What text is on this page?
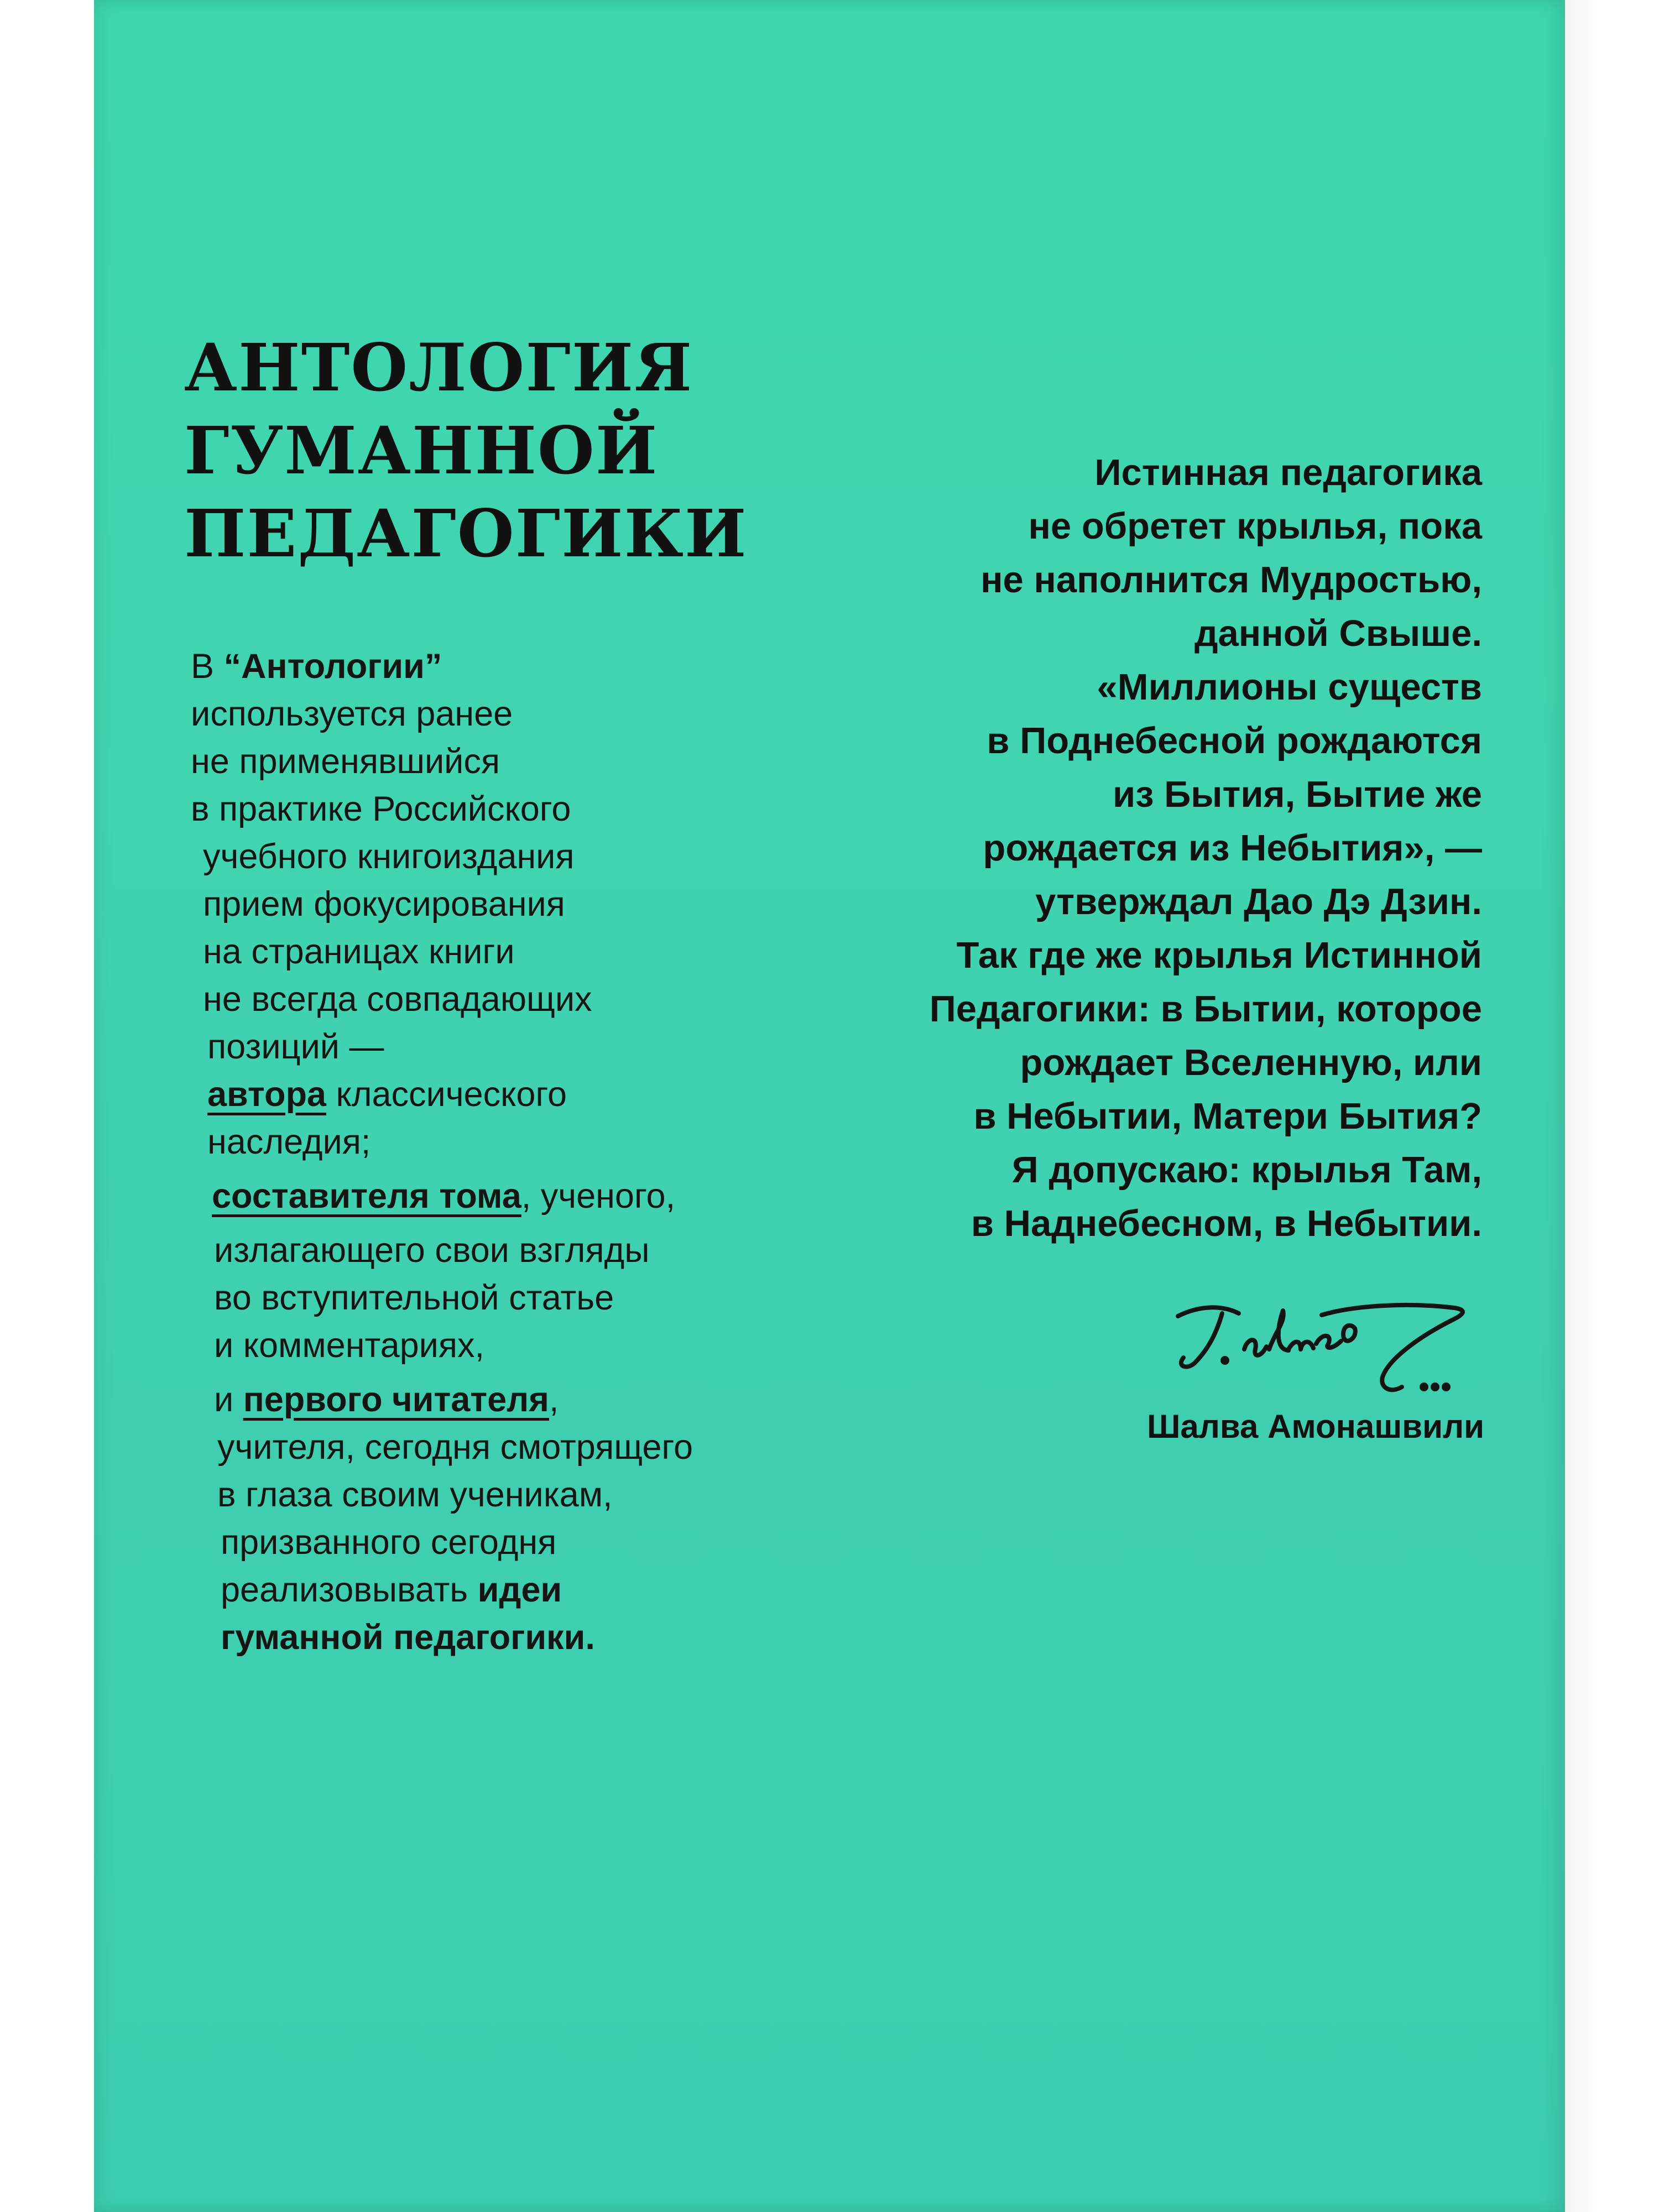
АНТОЛОГИЯ
ГУМАННОЙ
ПЕДАГОГИКИ
В “Антологии”
используется ранее
не применявшийся
в практике Российского
учебного книгоиздания
прием фокусирования
на страницах книги
не всегда совпадающих
позиций —
автора классического
наследия;
составителя тома, ученого,
излагающего свои взгляды
во вступительной статье
и комментариях,
и первого читателя,
учителя, сегодня смотрящего
в глаза своим ученикам,
призванного сегодня
реализовывать идеи
гуманной педагогики.

Истинная педагогика
не обретет крылья, пока
не наполнится Мудростью,
данной Свыше.
«Миллионы существ
в Поднебесной рождаются
из Бытия, Бытие же
рождается из Небытия», —
утверждал Дао Дэ Дзин.
Так где же крылья Истинной
Педагогики: в Бытии, которое
рождает Вселенную, или
в Небытии, Матери Бытия?
Я допускаю: крылья Там,
в Наднебесном, в Небытии.

Шалва Амонашвили
